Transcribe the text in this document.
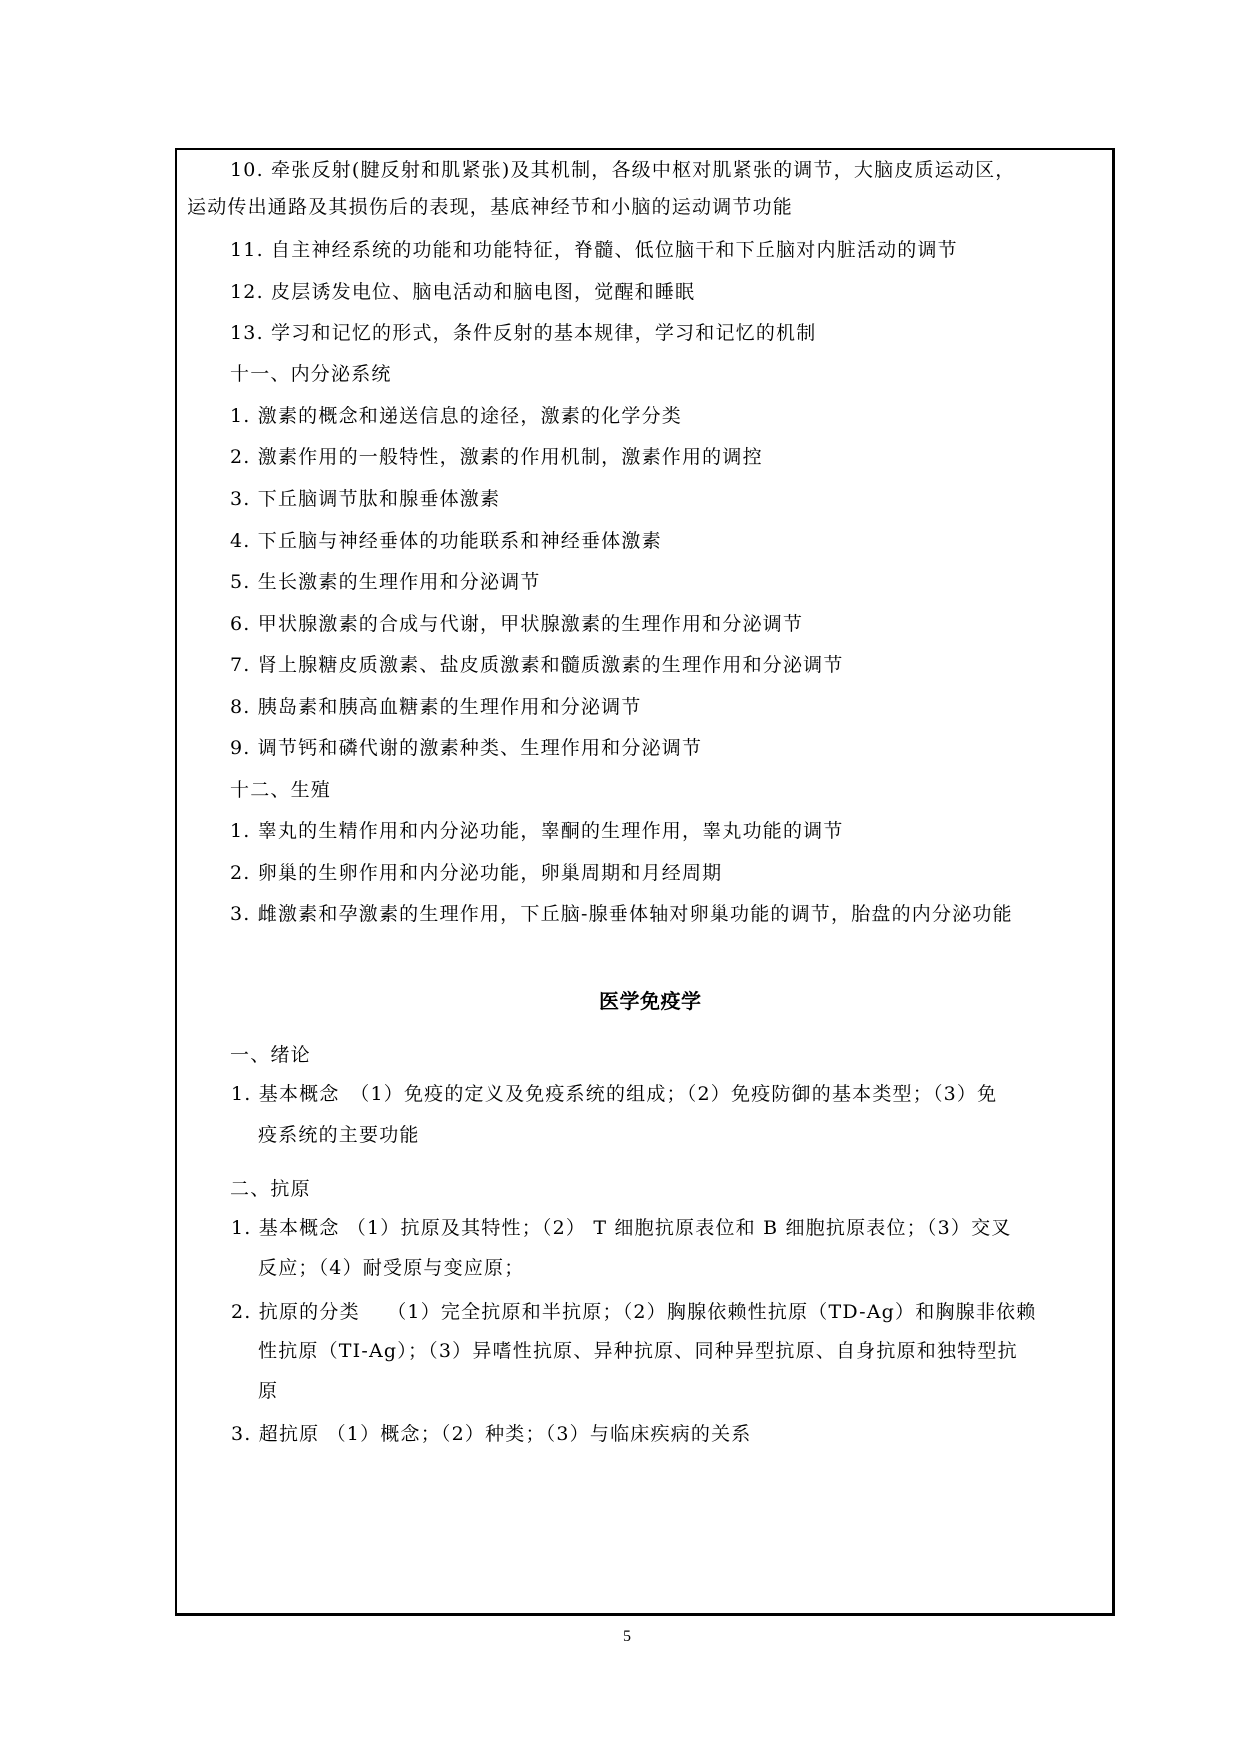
10. 牵张反射(腱反射和肌紧张)及其机制，各级中枢对肌紧张的调节，大脑皮质运动区，
运动传出通路及其损伤后的表现，基底神经节和小脑的运动调节功能
11. 自主神经系统的功能和功能特征，脊髓、低位脑干和下丘脑对内脏活动的调节
12. 皮层诱发电位、脑电活动和脑电图，觉醒和睡眠
13. 学习和记忆的形式，条件反射的基本规律，学习和记忆的机制
十一、内分泌系统
1. 激素的概念和递送信息的途径，激素的化学分类
2. 激素作用的一般特性，激素的作用机制，激素作用的调控
3. 下丘脑调节肽和腺垂体激素
4. 下丘脑与神经垂体的功能联系和神经垂体激素
5. 生长激素的生理作用和分泌调节
6. 甲状腺激素的合成与代谢，甲状腺激素的生理作用和分泌调节
7. 肾上腺糖皮质激素、盐皮质激素和髓质激素的生理作用和分泌调节
8. 胰岛素和胰高血糖素的生理作用和分泌调节
9. 调节钙和磷代谢的激素种类、生理作用和分泌调节
十二、生殖
1. 睾丸的生精作用和内分泌功能，睾酮的生理作用，睾丸功能的调节
2. 卵巢的生卵作用和内分泌功能，卵巢周期和月经周期
3. 雌激素和孕激素的生理作用，下丘脑-腺垂体轴对卵巢功能的调节，胎盘的内分泌功能
医学免疫学
一、绪论
1. 基本概念　（1）免疫的定义及免疫系统的组成；（2）免疫防御的基本类型；（3）免
疫系统的主要功能
二、抗原
1. 基本概念 （1）抗原及其特性；（2） T 细胞抗原表位和 B 细胞抗原表位；（3）交叉
反应；（4）耐受原与变应原；
2. 抗原的分类　 （1）完全抗原和半抗原；（2）胸腺依赖性抗原（TD-Ag）和胸腺非依赖
性抗原（TI-Ag）；（3）异嗜性抗原、异种抗原、同种异型抗原、自身抗原和独特型抗
原
3. 超抗原 （1）概念；（2）种类；（3）与临床疾病的关系
5
